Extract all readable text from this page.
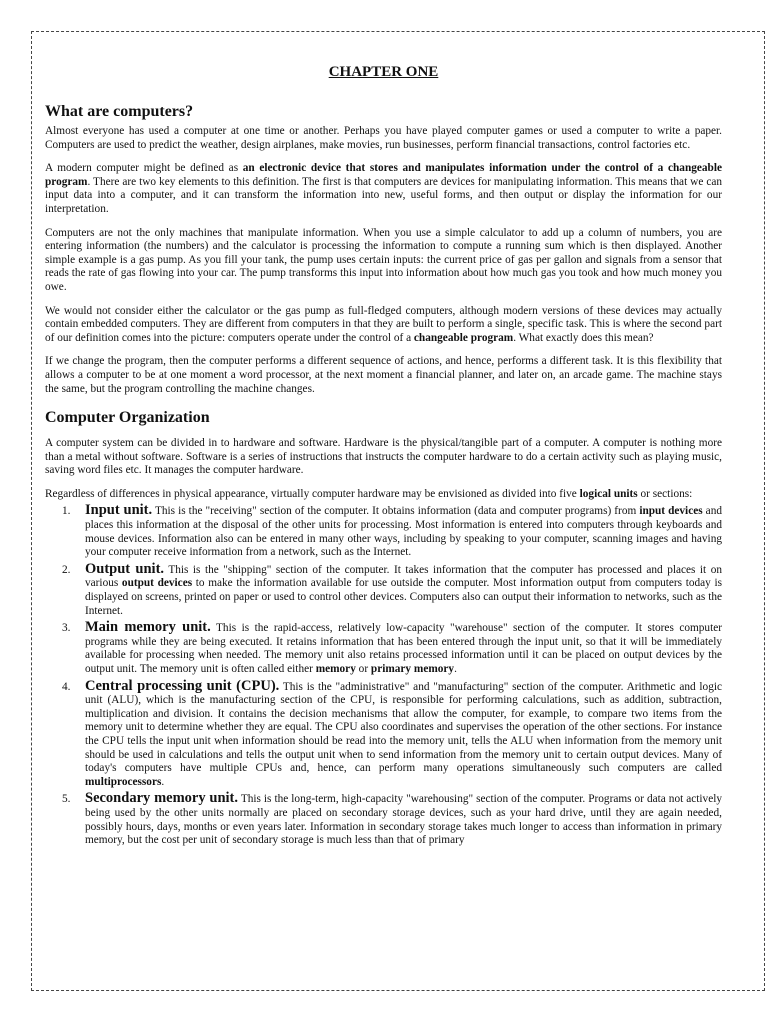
CHAPTER ONE
What are computers?

Almost everyone has used a computer at one time or another. Perhaps you have played computer games or used a computer to write a paper. Computers are used to predict the weather, design airplanes, make movies, run businesses, perform financial transactions, control factories etc.

A modern computer might be defined as an electronic device that stores and manipulates information under the control of a changeable program. There are two key elements to this definition. The first is that computers are devices for manipulating information. This means that we can input data into a computer, and it can transform the information into new, useful forms, and then output or display the information for our interpretation.

Computers are not the only machines that manipulate information. When you use a simple calculator to add up a column of numbers, you are entering information (the numbers) and the calculator is processing the information to compute a running sum which is then displayed. Another simple example is a gas pump. As you fill your tank, the pump uses certain inputs: the current price of gas per gallon and signals from a sensor that reads the rate of gas flowing into your car. The pump transforms this input into information about how much gas you took and how much money you owe.

We would not consider either the calculator or the gas pump as full-fledged computers, although modern versions of these devices may actually contain embedded computers. They are different from computers in that they are built to perform a single, specific task. This is where the second part of our definition comes into the picture: computers operate under the control of a changeable program. What exactly does this mean?

If we change the program, then the computer performs a different sequence of actions, and hence, performs a different task. It is this flexibility that allows a computer to be at one moment a word processor, at the next moment a financial planner, and later on, an arcade game. The machine stays the same, but the program controlling the machine changes.

Computer Organization

A computer system can be divided in to hardware and software. Hardware is the physical/tangible part of a computer. A computer is nothing more than a metal without software. Software is a series of instructions that instructs the computer hardware to do a certain activity such as playing music, saving word files etc. It manages the computer hardware.

Regardless of differences in physical appearance, virtually computer hardware may be envisioned as divided into five logical units or sections:

1. Input unit. This is the "receiving" section of the computer. It obtains information (data and computer programs) from input devices and places this information at the disposal of the other units for processing. Most information is entered into computers through keyboards and mouse devices. Information also can be entered in many other ways, including by speaking to your computer, scanning images and having your computer receive information from a network, such as the Internet.
2. Output unit. This is the "shipping" section of the computer. It takes information that the computer has processed and places it on various output devices to make the information available for use outside the computer. Most information output from computers today is displayed on screens, printed on paper or used to control other devices. Computers also can output their information to networks, such as the Internet.
3. Main memory unit. This is the rapid-access, relatively low-capacity "warehouse" section of the computer. It stores computer programs while they are being executed. It retains information that has been entered through the input unit, so that it will be immediately available for processing when needed. The memory unit also retains processed information until it can be placed on output devices by the output unit. The memory unit is often called either memory or primary memory.
4. Central processing unit (CPU). This is the "administrative" and "manufacturing" section of the computer. Arithmetic and logic unit (ALU), which is the manufacturing section of the CPU, is responsible for performing calculations, such as addition, subtraction, multiplication and division. It contains the decision mechanisms that allow the computer, for example, to compare two items from the memory unit to determine whether they are equal. The CPU also coordinates and supervises the operation of the other sections. For instance the CPU tells the input unit when information should be read into the memory unit, tells the ALU when information from the memory unit should be used in calculations and tells the output unit when to send information from the memory unit to certain output devices. Many of today's computers have multiple CPUs and, hence, can perform many operations simultaneously such computers are called multiprocessors.
5. Secondary memory unit. This is the long-term, high-capacity "warehousing" section of the computer. Programs or data not actively being used by the other units normally are placed on secondary storage devices, such as your hard drive, until they are again needed, possibly hours, days, months or even years later. Information in secondary storage takes much longer to access than information in primary memory, but the cost per unit of secondary storage is much less than that of primary
